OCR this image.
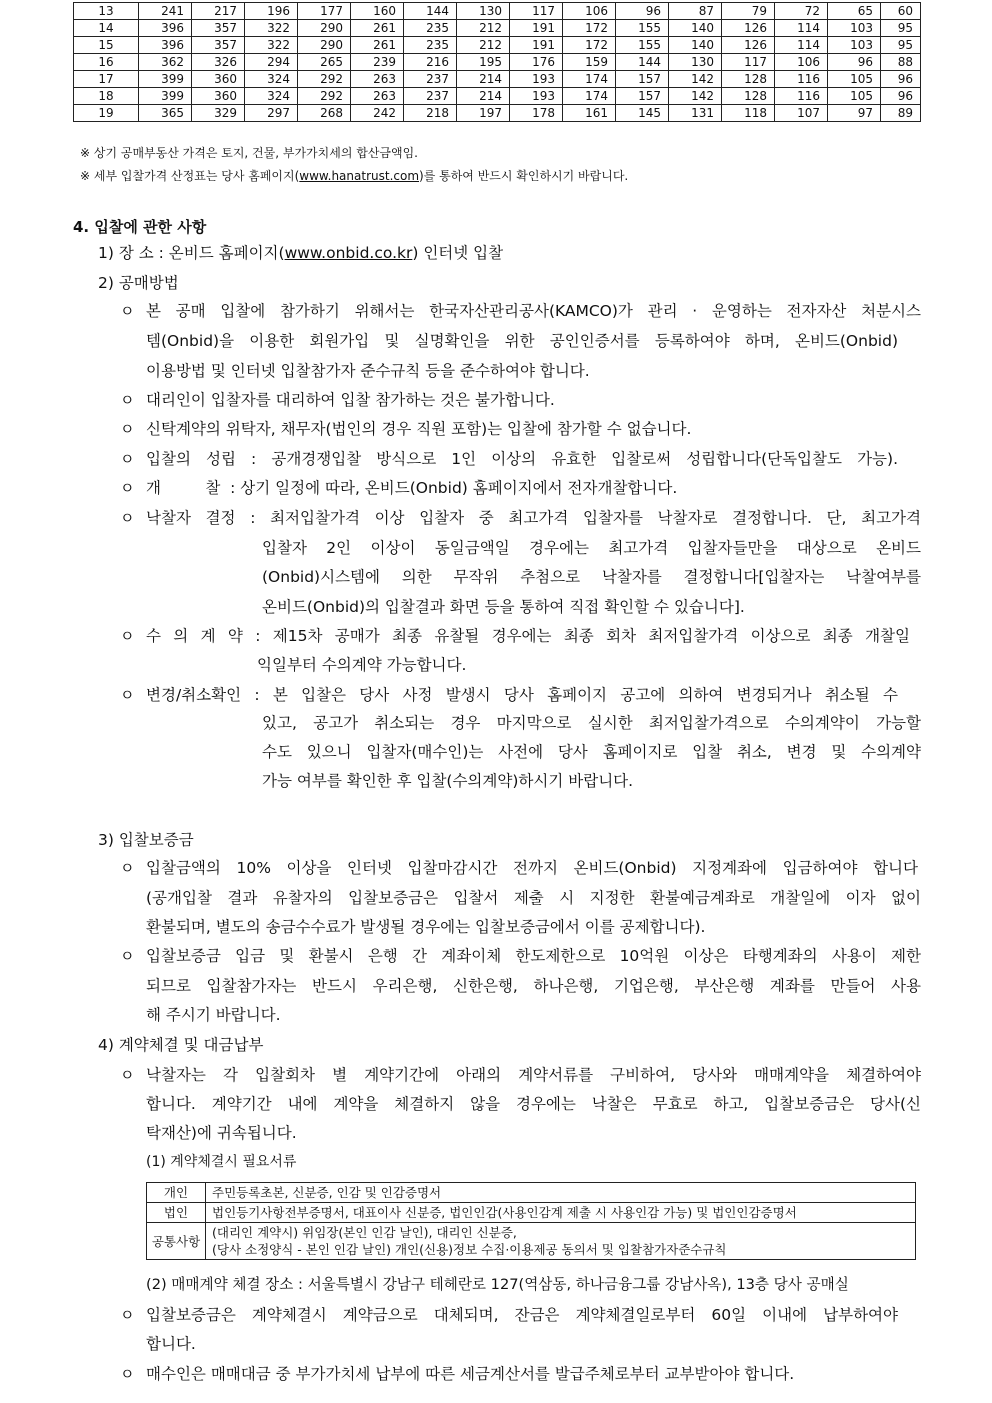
13	241	217	196	177	160	144	130	117	106	96	87	79	72	65	60
14	396	357	322	290	261	235	212	191	172	155	140	126	114	103	95
15	396	357	322	290	261	235	212	191	172	155	140	126	114	103	95
16	362	326	294	265	239	216	195	176	159	144	130	117	106	96	88
17	399	360	324	292	263	237	214	193	174	157	142	128	116	105	96
18	399	360	324	292	263	237	214	193	174	157	142	128	116	105	96
19	365	329	297	268	242	218	197	178	161	145	131	118	107	97	89
※ 상기 공매부동산 가격은 토지, 건물, 부가가치세의 합산금액임.
※ 세부 입찰가격 산정표는 당사 홈페이지(www.hanatrust.com)를 통하여 반드시 확인하시기 바랍니다.
4. 입찰에 관한 사항
1) 장 소 : 온비드 홈페이지(www.onbid.co.kr) 인터넷 입찰
2) 공매방법
ㅇ 본 공매 입찰에 참가하기 위해서는 한국자산관리공사(KAMCO)가 관리 · 운영하는 전자자산 처분시스
템(Onbid)을 이용한 회원가입 및 실명확인을 위한 공인인증서를 등록하여야 하며, 온비드(Onbid)
이용방법 및 인터넷 입찰참가자 준수규칙 등을 준수하여야 합니다.
ㅇ 대리인이 입찰자를 대리하여 입찰 참가하는 것은 불가합니다.
ㅇ 신탁계약의 위탁자, 채무자(법인의 경우 직원 포함)는 입찰에 참가할 수 없습니다.
ㅇ 입찰의 성립 : 공개경쟁입찰 방식으로 1인 이상의 유효한 입찰로써 성립합니다(단독입찰도 가능).
ㅇ 개         찰  : 상기 일정에 따라, 온비드(Onbid) 홈페이지에서 전자개찰합니다.
ㅇ 낙찰자 결정 : 최저입찰가격 이상 입찰자 중 최고가격 입찰자를 낙찰자로 결정합니다. 단, 최고가격
입찰자 2인 이상이 동일금액일 경우에는 최고가격 입찰자들만을 대상으로 온비드
(Onbid)시스템에 의한 무작위 추첨으로 낙찰자를 결정합니다[입찰자는 낙찰여부를
온비드(Onbid)의 입찰결과 화면 등을 통하여 직접 확인할 수 있습니다].
ㅇ 수 의 계 약 : 제15차 공매가 최종 유찰될 경우에는 최종 회차 최저입찰가격 이상으로 최종 개찰일
익일부터 수의계약 가능합니다.
ㅇ 변경/취소확인 : 본 입찰은 당사 사정 발생시 당사 홈페이지 공고에 의하여 변경되거나 취소될 수
있고, 공고가 취소되는 경우 마지막으로 실시한 최저입찰가격으로 수의계약이 가능할
수도 있으니 입찰자(매수인)는 사전에 당사 홈페이지로 입찰 취소, 변경 및 수의계약
가능 여부를 확인한 후 입찰(수의계약)하시기 바랍니다.
3) 입찰보증금
ㅇ 입찰금액의 10% 이상을 인터넷 입찰마감시간 전까지 온비드(Onbid) 지정계좌에 입금하여야 합니다
(공개입찰 결과 유찰자의 입찰보증금은 입찰서 제출 시 지정한 환불예금계좌로 개찰일에 이자 없이
환불되며, 별도의 송금수수료가 발생될 경우에는 입찰보증금에서 이를 공제합니다).
ㅇ 입찰보증금 입금 및 환불시 은행 간 계좌이체 한도제한으로 10억원 이상은 타행계좌의 사용이 제한
되므로 입찰참가자는 반드시 우리은행, 신한은행, 하나은행, 기업은행, 부산은행 계좌를 만들어 사용
해 주시기 바랍니다.
4) 계약체결 및 대금납부
ㅇ 낙찰자는 각 입찰회차 별 계약기간에 아래의 계약서류를 구비하여, 당사와 매매계약을 체결하여야
합니다. 계약기간 내에 계약을 체결하지 않을 경우에는 낙찰은 무효로 하고, 입찰보증금은 당사(신
탁재산)에 귀속됩니다.
(1) 계약체결시 필요서류
개인	주민등록초본, 신분증, 인감 및 인감증명서
법인	법인등기사항전부증명서, 대표이사 신분증, 법인인감(사용인감계 제출 시 사용인감 가능) 및 법인인감증명서
공통사항	(대리인 계약시) 위임장(본인 인감 날인), 대리인 신분증,
(당사 소정양식 - 본인 인감 날인) 개인(신용)정보 수집·이용제공 동의서 및 입찰참가자준수규칙
(2) 매매계약 체결 장소 : 서울특별시 강남구 테헤란로 127(역삼동, 하나금융그룹 강남사옥), 13층 당사 공매실
ㅇ 입찰보증금은 계약체결시 계약금으로 대체되며, 잔금은 계약체결일로부터 60일 이내에 납부하여야
합니다.
ㅇ 매수인은 매매대금 중 부가가치세 납부에 따른 세금계산서를 발급주체로부터 교부받아야 합니다.
